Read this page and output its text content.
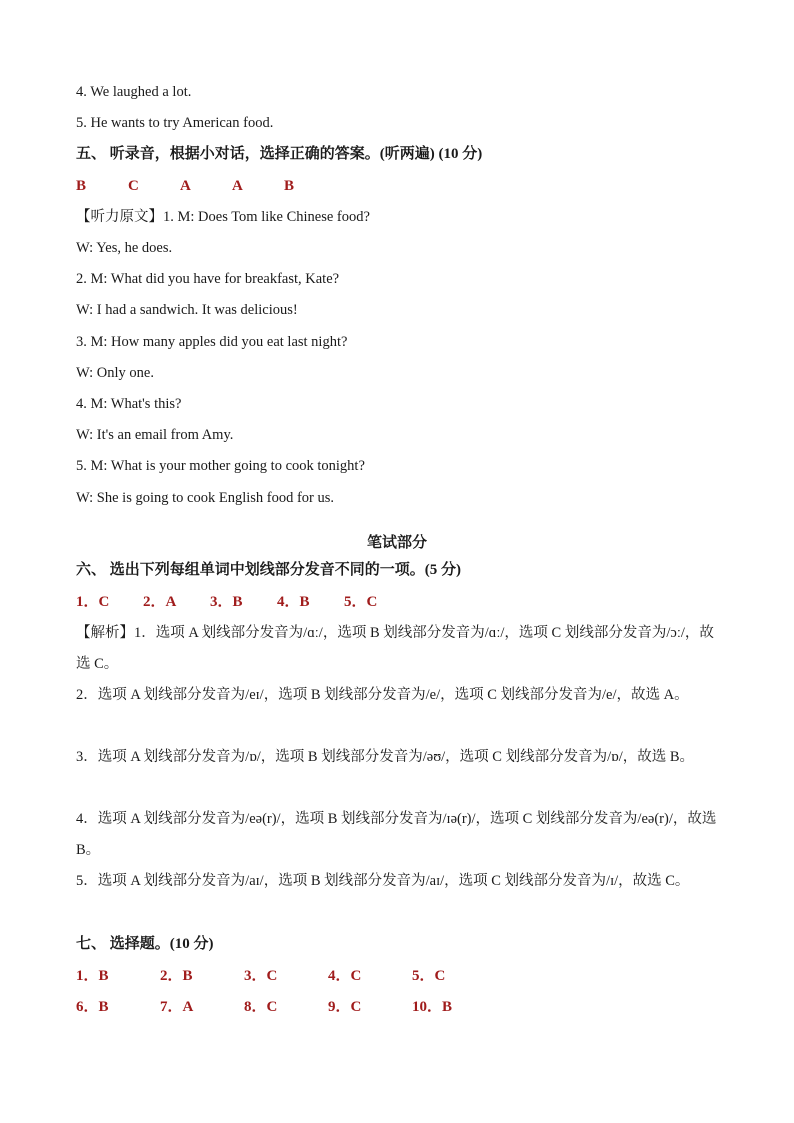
4. We laughed a lot.
5. He wants to try American food.
五、 听录音，根据小对话，选择正确的答案。(听两遍) (10 分)
B	C	A	A	B
【听力原文】1. M: Does Tom like Chinese food?
W: Yes, he does.
2. M: What did you have for breakfast, Kate?
W: I had a sandwich. It was delicious!
3. M: How many apples did you eat last night?
W: Only one.
4. M: What's this?
W: It's an email from Amy.
5. M: What is your mother going to cook tonight?
W: She is going to cook English food for us.
笔试部分
六、 选出下列每组单词中划线部分发音不同的一项。(5 分)
1．C 2．A 3．B 4．B 5．C
【解析】1．选项 A 划线部分发音为/ɑː/，选项 B 划线部分发音为/ɑː/，选项 C 划线部分发音为/ɔː/，故选 C。
2．选项 A 划线部分发音为/eɪ/，选项 B 划线部分发音为/e/，选项 C 划线部分发音为/e/，故选 A。
3．选项 A 划线部分发音为/ɒ/，选项 B 划线部分发音为/əʊ/，选项 C 划线部分发音为/ɒ/，故选 B。
4．选项 A 划线部分发音为/eə(r)/，选项 B 划线部分发音为/ɪə(r)/，选项 C 划线部分发音为/eə(r)/，故选 B。
5．选项 A 划线部分发音为/aɪ/，选项 B 划线部分发音为/aɪ/，选项 C 划线部分发音为/ɪ/，故选 C。
七、 选择题。(10 分)
1．B	2．B	3．C	4．C	5．C
6．B	7．A	8．C	9．C	10．B
